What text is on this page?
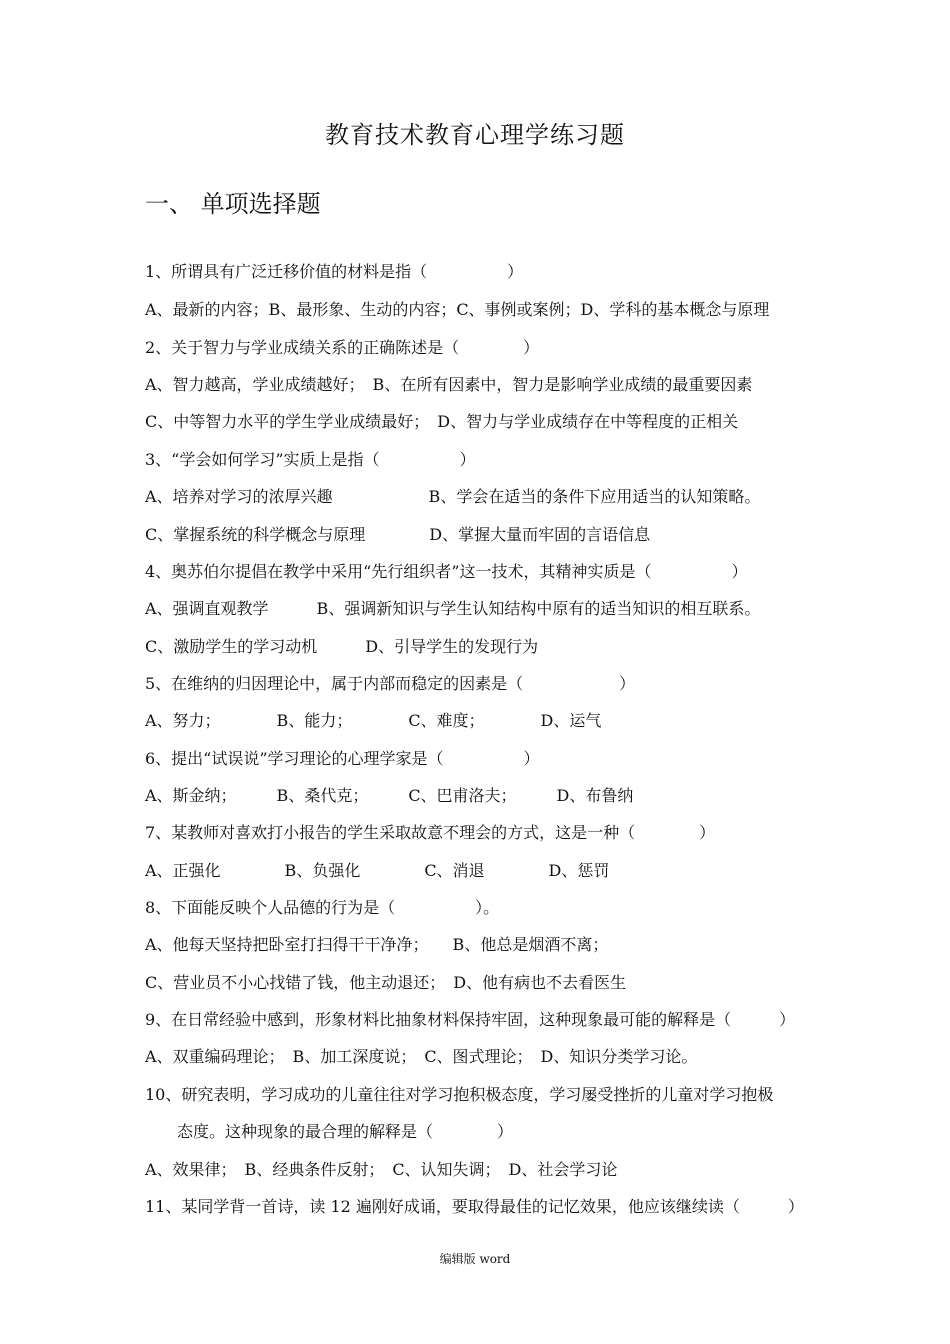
教育技术教育心理学练习题
一、 单项选择题
1、所谓具有广泛迁移价值的材料是指（　　　　　）
A、最新的内容；B、最形象、生动的内容；C、事例或案例；D、学科的基本概念与原理
2、关于智力与学业成绩关系的正确陈述是（　　　　）
A、智力越高，学业成绩越好；　B、在所有因素中，智力是影响学业成绩的最重要因素
C、中等智力水平的学生学业成绩最好；　D、智力与学业成绩存在中等程度的正相关
3、“学会如何学习”实质上是指（　　　　　）
A、培养对学习的浓厚兴趣　　　　　　B、学会在适当的条件下应用适当的认知策略。
C、掌握系统的科学概念与原理　　　　D、掌握大量而牢固的言语信息
4、奥苏伯尔提倡在教学中采用“先行组织者”这一技术，其精神实质是（　　　　　）
A、强调直观教学　　　B、强调新知识与学生认知结构中原有的适当知识的相互联系。
C、激励学生的学习动机　　　D、引导学生的发现行为
5、在维纳的归因理论中，属于内部而稳定的因素是（　　　　　　）
A、努力；　　　　B、能力；　　　　C、难度；　　　　D、运气
6、提出“试误说”学习理论的心理学家是（　　　　　）
A、斯金纳；　　　B、桑代克；　　　C、巴甫洛夫；　　　D、布鲁纳
7、某教师对喜欢打小报告的学生采取故意不理会的方式，这是一种（　　　　）
A、正强化　　　　B、负强化　　　　C、消退　　　　D、惩罚
8、下面能反映个人品德的行为是（　　　　　）。
A、他每天坚持把卧室打扫得干干净净；　　B、他总是烟酒不离；
C、营业员不小心找错了钱，他主动退还；　D、他有病也不去看医生
9、在日常经验中感到，形象材料比抽象材料保持牢固，这种现象最可能的解释是（　　　）
A、双重编码理论；　B、加工深度说；　C、图式理论；　D、知识分类学习论。
10、研究表明，学习成功的儿童往往对学习抱积极态度，学习屡受挫折的儿童对学习抱极
　　态度。这种现象的最合理的解释是（　　　　）
A、效果律；　B、经典条件反射；　C、认知失调；　D、社会学习论
11、某同学背一首诗，读 12 遍刚好成诵，要取得最佳的记忆效果，他应该继续读（　　　）
编辑版 word
